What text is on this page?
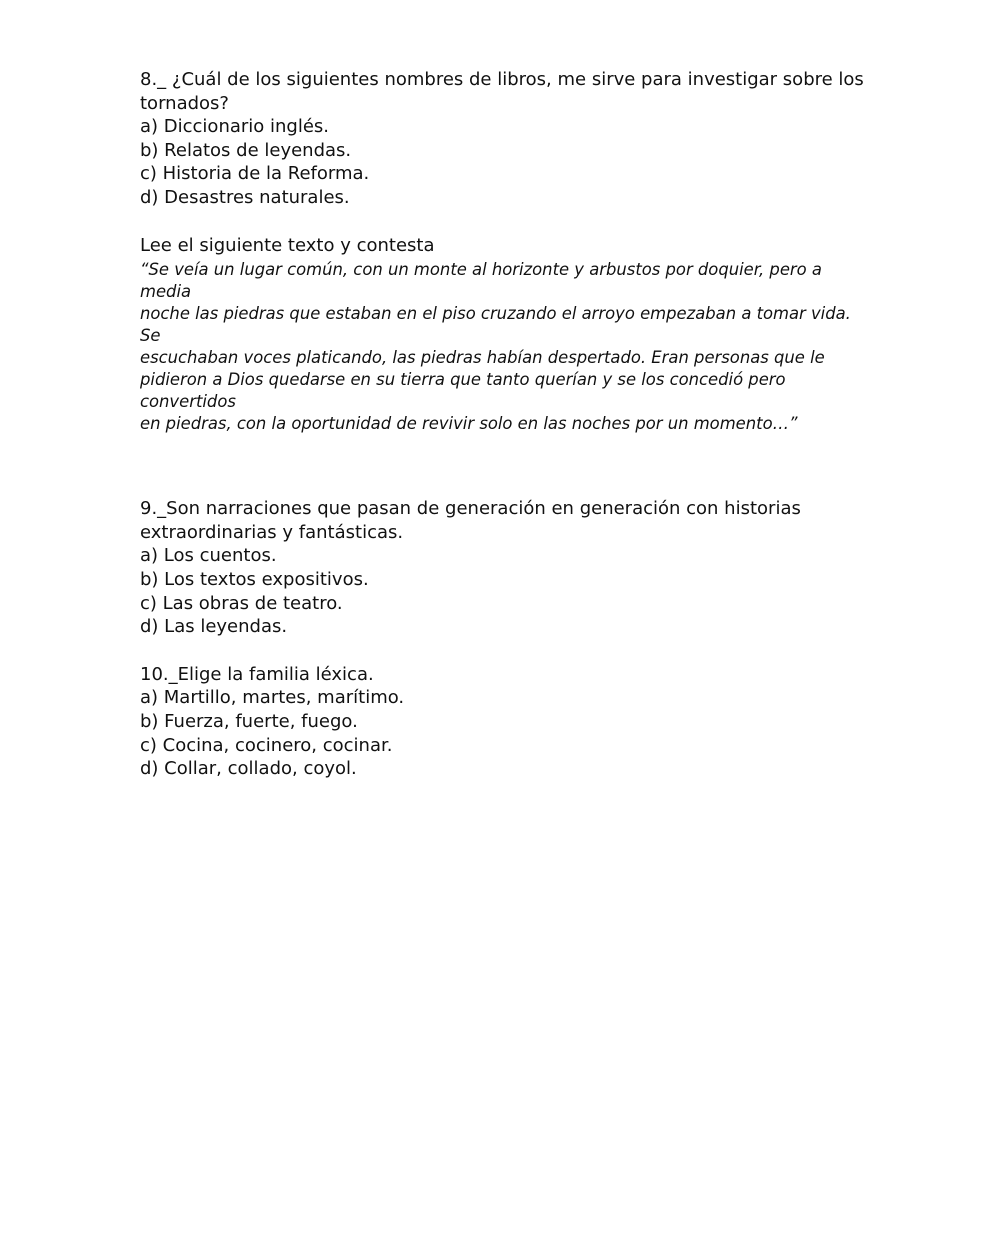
8._ ¿Cuál de los siguientes nombres de libros, me sirve para investigar sobre los

tornados?

a) Diccionario inglés.

b) Relatos de leyendas.

c) Historia de la Reforma.

d) Desastres naturales.

Lee el siguiente texto y contesta

“Se veía un lugar común, con un monte al horizonte y arbustos por doquier, pero a media
noche las piedras que estaban en el piso cruzando el arroyo empezaban a tomar vida. Se
escuchaban voces platicando, las piedras habían despertado. Eran personas que le
pidieron a Dios quedarse en su tierra que tanto querían y se los concedió pero convertidos
en piedras, con la oportunidad de revivir solo en las noches por un momento…”

9._Son narraciones que pasan de generación en generación con historias

extraordinarias y fantásticas.

a) Los cuentos.

b) Los textos expositivos.

c) Las obras de teatro.

d) Las leyendas.

10._Elige la familia léxica.

a) Martillo, martes, marítimo.

b) Fuerza, fuerte, fuego.

c) Cocina, cocinero, cocinar.

d) Collar, collado, coyol.
